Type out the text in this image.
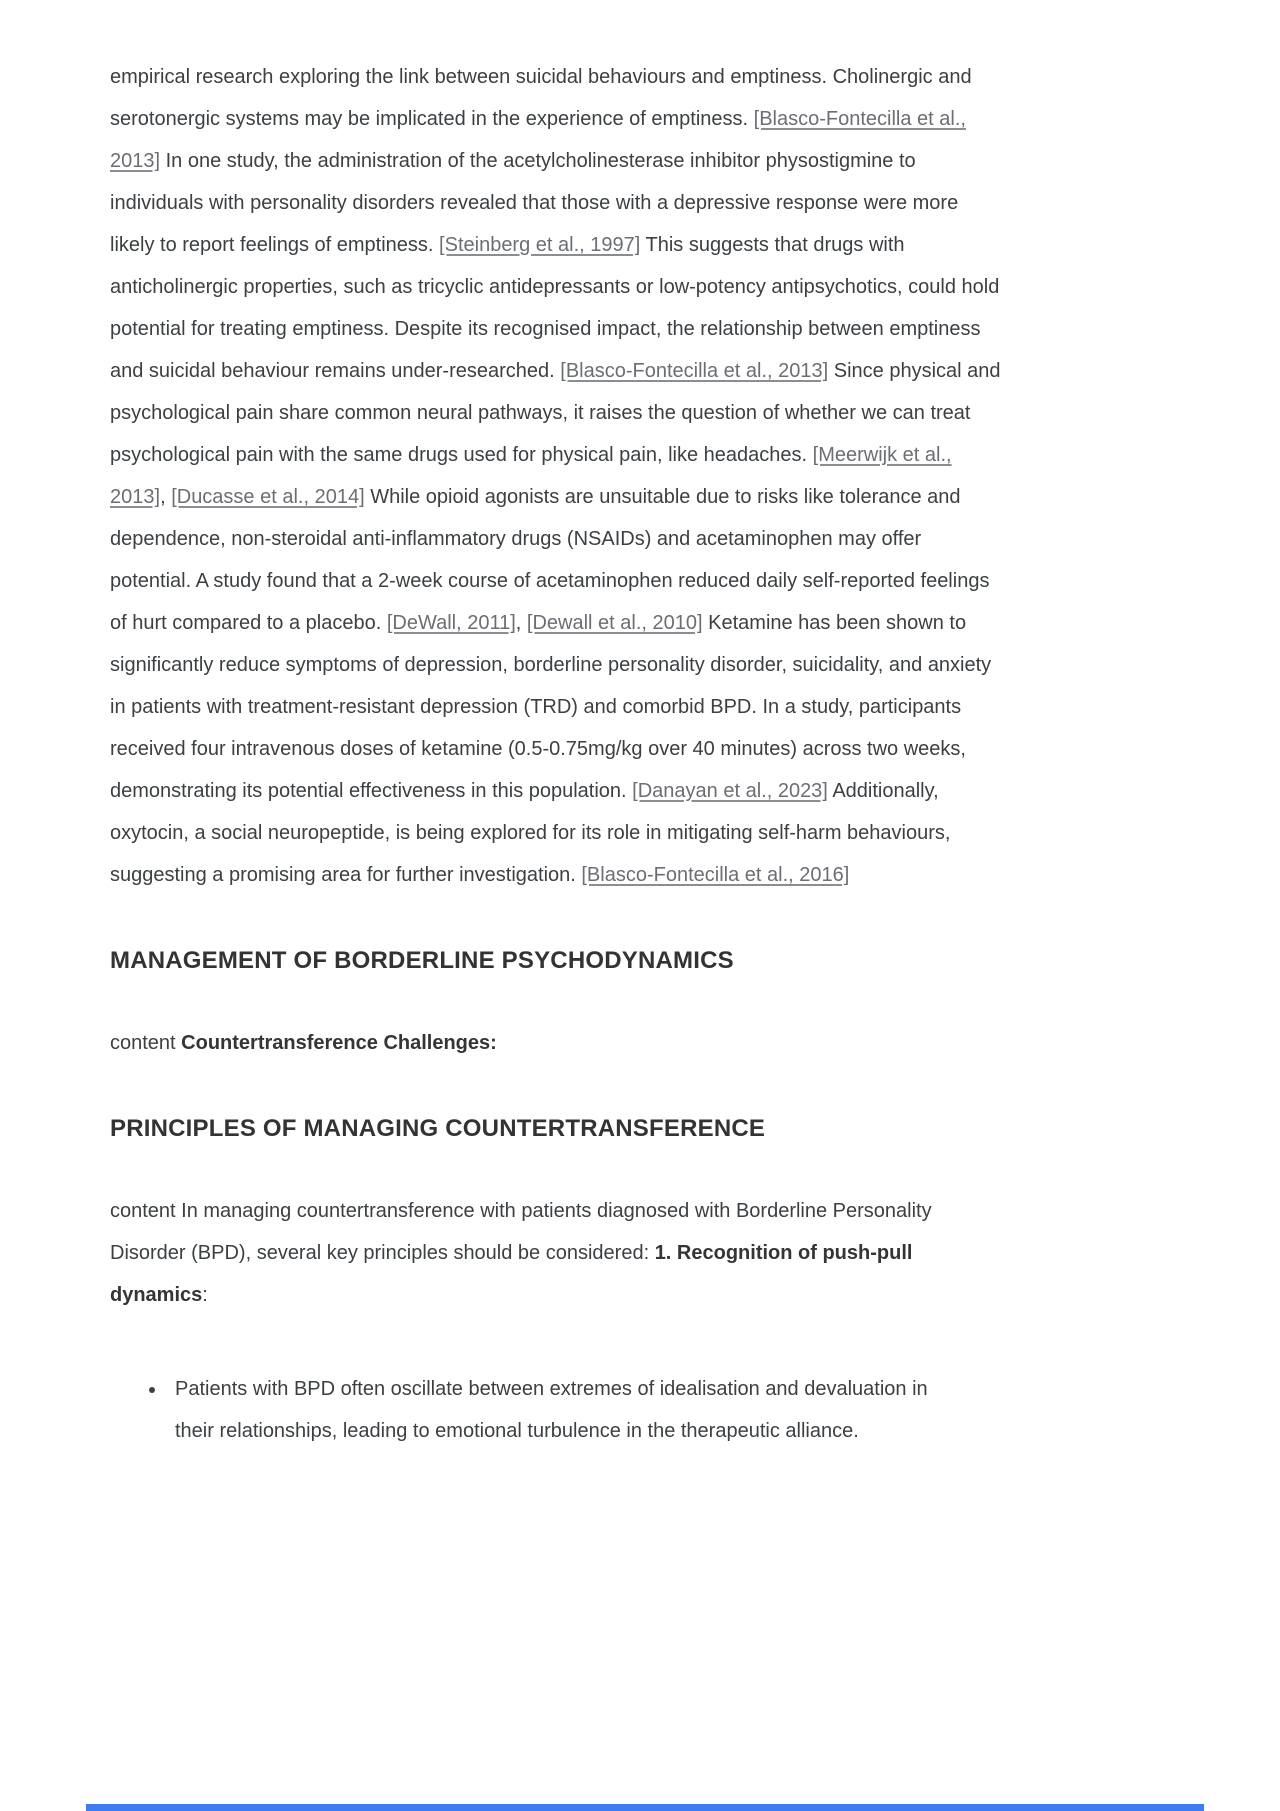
empirical research exploring the link between suicidal behaviours and emptiness. Cholinergic and serotonergic systems may be implicated in the experience of emptiness. [Blasco-Fontecilla et al., 2013] In one study, the administration of the acetylcholinesterase inhibitor physostigmine to individuals with personality disorders revealed that those with a depressive response were more likely to report feelings of emptiness. [Steinberg et al., 1997] This suggests that drugs with anticholinergic properties, such as tricyclic antidepressants or low-potency antipsychotics, could hold potential for treating emptiness. Despite its recognised impact, the relationship between emptiness and suicidal behaviour remains under-researched. [Blasco-Fontecilla et al., 2013] Since physical and psychological pain share common neural pathways, it raises the question of whether we can treat psychological pain with the same drugs used for physical pain, like headaches. [Meerwijk et al., 2013], [Ducasse et al., 2014] While opioid agonists are unsuitable due to risks like tolerance and dependence, non-steroidal anti-inflammatory drugs (NSAIDs) and acetaminophen may offer potential. A study found that a 2-week course of acetaminophen reduced daily self-reported feelings of hurt compared to a placebo. [DeWall, 2011], [Dewall et al., 2010] Ketamine has been shown to significantly reduce symptoms of depression, borderline personality disorder, suicidality, and anxiety in patients with treatment-resistant depression (TRD) and comorbid BPD. In a study, participants received four intravenous doses of ketamine (0.5-0.75mg/kg over 40 minutes) across two weeks, demonstrating its potential effectiveness in this population. [Danayan et al., 2023] Additionally, oxytocin, a social neuropeptide, is being explored for its role in mitigating self-harm behaviours, suggesting a promising area for further investigation. [Blasco-Fontecilla et al., 2016]

MANAGEMENT OF BORDERLINE PSYCHODYNAMICS

content Countertransference Challenges:

PRINCIPLES OF MANAGING COUNTERTRANSFERENCE

content In managing countertransference with patients diagnosed with Borderline Personality Disorder (BPD), several key principles should be considered: 1. Recognition of push-pull dynamics:

• Patients with BPD often oscillate between extremes of idealisation and devaluation in their relationships, leading to emotional turbulence in the therapeutic alliance.
